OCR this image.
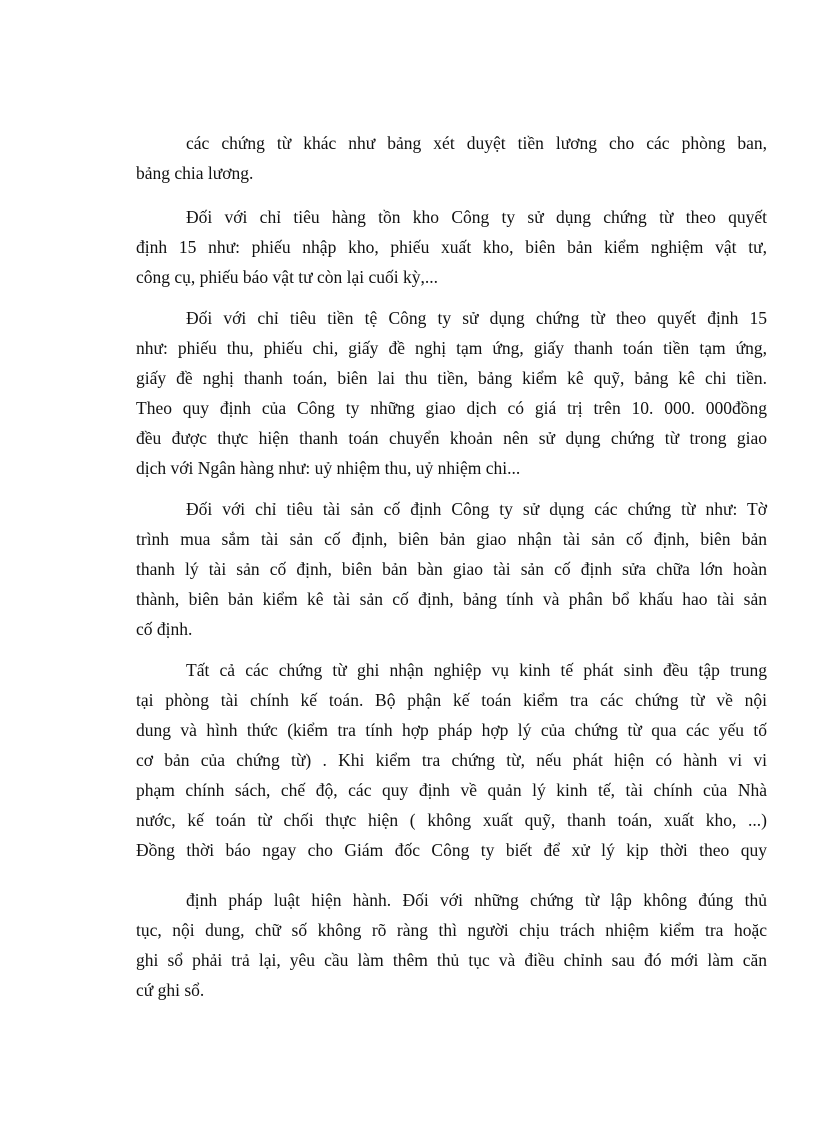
các chứng từ khác như bảng xét duyệt tiền lương cho các phòng ban,
bảng chia lương.

Đối với chỉ tiêu hàng tồn kho Công ty sử dụng chứng từ theo quyết
định 15 như: phiếu nhập kho, phiếu xuất kho, biên bản kiểm nghiệm vật tư,
công cụ, phiếu báo vật tư còn lại cuối kỳ,...

Đối với chỉ tiêu tiền tệ Công ty sử dụng chứng từ theo quyết định 15
như: phiếu thu, phiếu chi, giấy đề nghị tạm ứng, giấy thanh toán tiền tạm ứng,
giấy đề nghị thanh toán, biên lai thu tiền, bảng kiểm kê quỹ, bảng kê chi tiền.
Theo quy định của Công ty những giao dịch có giá trị trên 10. 000. 000đồng
đều được thực hiện thanh toán chuyển khoản nên sử dụng chứng từ trong giao
dịch với Ngân hàng như: uỷ nhiệm thu, uỷ nhiệm chi...

Đối với chỉ tiêu tài sản cố định Công ty sử dụng các chứng từ như: Tờ
trình mua sắm tài sản cố định, biên bản giao nhận tài sản cố định, biên bản
thanh lý tài sản cố định, biên bản bàn giao tài sản cố định sửa chữa lớn hoàn
thành, biên bản kiểm kê tài sản cố định, bảng tính và phân bổ khấu hao tài sản
cố định.

Tất cả các chứng từ ghi nhận nghiệp vụ kinh tế phát sinh đều tập trung
tại phòng tài chính kế toán. Bộ phận kế toán kiểm tra các chứng từ về nội
dung và hình thức (kiểm tra tính hợp pháp hợp lý của chứng từ qua các yếu tố
cơ bản của chứng từ) . Khi kiểm tra chứng từ, nếu phát hiện có hành vi vi
phạm chính sách, chế độ, các quy định về quản lý kinh tế, tài chính của Nhà
nước, kế toán từ chối thực hiện ( không xuất quỹ, thanh toán, xuất kho, ...)
Đồng thời báo ngay cho Giám đốc Công ty biết để xử lý kịp thời theo quy

định pháp luật hiện hành. Đối với những chứng từ lập không đúng thủ
tục, nội dung, chữ số không rõ ràng thì người chịu trách nhiệm kiểm tra hoặc
ghi sổ phải trả lại, yêu cầu làm thêm thủ tục và điều chỉnh sau đó mới làm căn
cứ ghi sổ.
